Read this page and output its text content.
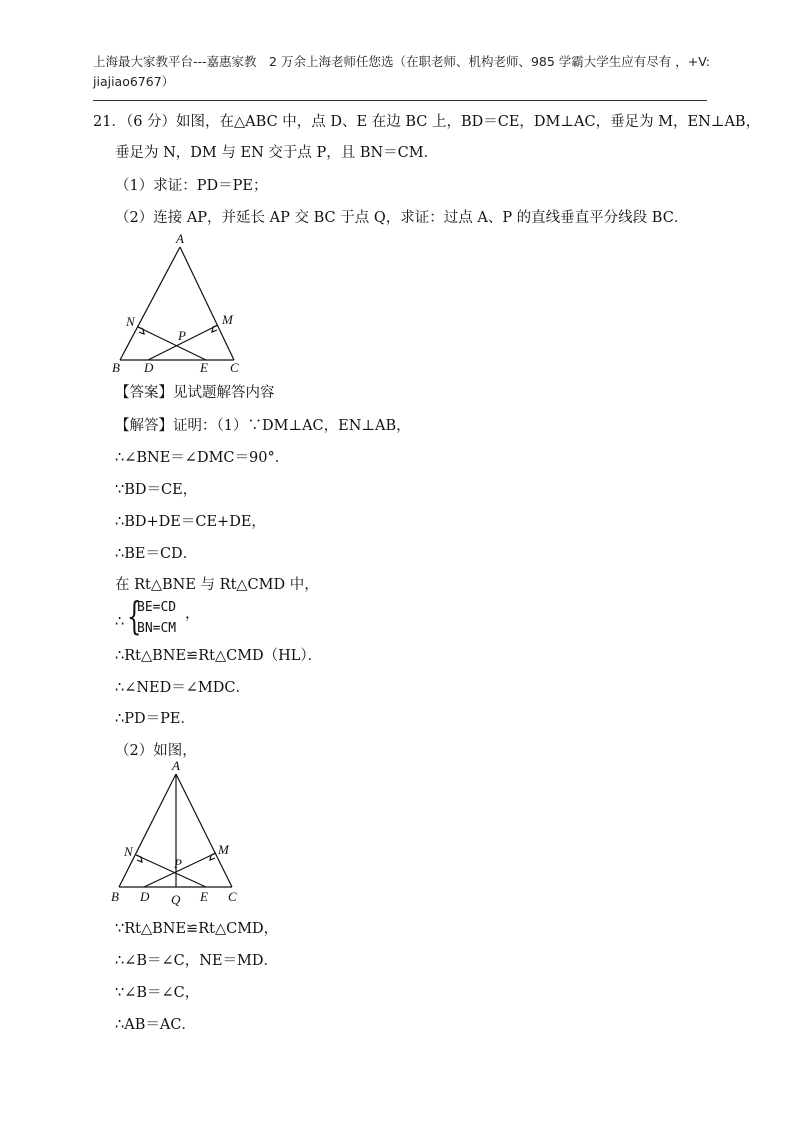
上海最大家教平台---嘉惠家教　2 万余上海老师任您选（在职老师、机构老师、985 学霸大学生应有尽有 ，+V:
jiajiao6767）
21．（6 分）如图，在△ABC 中，点 D、E 在边 BC 上，BD＝CE，DM⊥AC，垂足为 M，EN⊥AB，
垂足为 N，DM 与 EN 交于点 P，且 BN＝CM．
（1）求证：PD＝PE；
（2）连接 AP，并延长 AP 交 BC 于点 Q，求证：过点 A、P 的直线垂直平分线段 BC．
A
N	M
P
B D	E C
【答案】见试题解答内容
【解答】证明：（1）∵DM⊥AC，EN⊥AB，
∴∠BNE＝∠DMC＝90°．
∵BD＝CE，
∴BD+DE＝CE+DE，
∴BE＝CD．
在 Rt△BNE 与 Rt△CMD 中，
∴ {
BE=CD
BN=CM
，
∴Rt△BNE≌Rt△CMD（HL）．
∴∠NED＝∠MDC．
∴PD＝PE．
（2）如图，
A
N	M
P
B D Q E C
∵Rt△BNE≌Rt△CMD，
∴∠B＝∠C，NE＝MD．
∵∠B＝∠C，
∴AB＝AC．
